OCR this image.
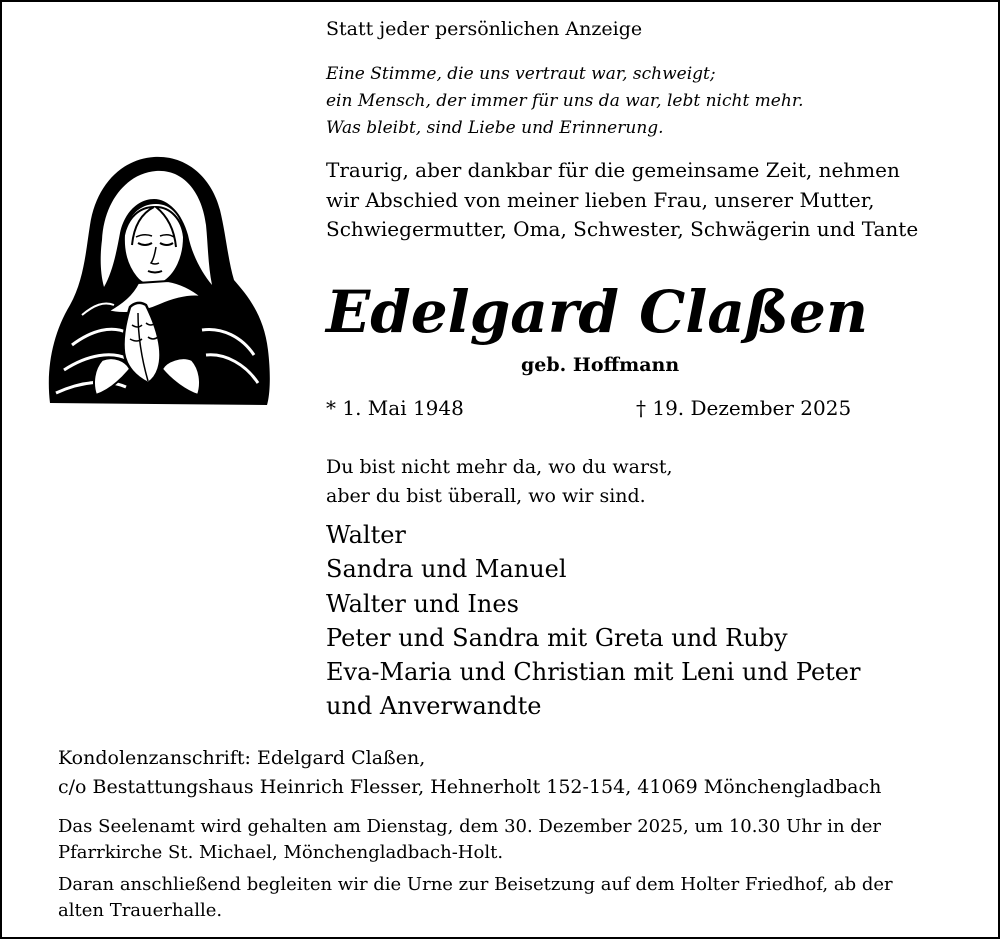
Statt jeder persönlichen Anzeige
Eine Stimme, die uns vertraut war, schweigt;
ein Mensch, der immer für uns da war, lebt nicht mehr.
Was bleibt, sind Liebe und Erinnerung.
Traurig, aber dankbar für die gemeinsame Zeit, nehmen
wir Abschied von meiner lieben Frau, unserer Mutter,
Schwiegermutter, Oma, Schwester, Schwägerin und Tante
Edelgard Claßen
geb. Hoffmann
* 1. Mai 1948	† 19. Dezember 2025
Du bist nicht mehr da, wo du warst,
aber du bist überall, wo wir sind.
Walter
Sandra und Manuel
Walter und Ines
Peter und Sandra mit Greta und Ruby
Eva-Maria und Christian mit Leni und Peter
und Anverwandte
Kondolenzanschrift: Edelgard Claßen,
c/o Bestattungshaus Heinrich Flesser, Hehnerholt 152-154, 41069 Mönchengladbach
Das Seelenamt wird gehalten am Dienstag, dem 30. Dezember 2025, um 10.30 Uhr in der
Pfarrkirche St. Michael, Mönchengladbach-Holt.
Daran anschließend begleiten wir die Urne zur Beisetzung auf dem Holter Friedhof, ab der
alten Trauerhalle.
